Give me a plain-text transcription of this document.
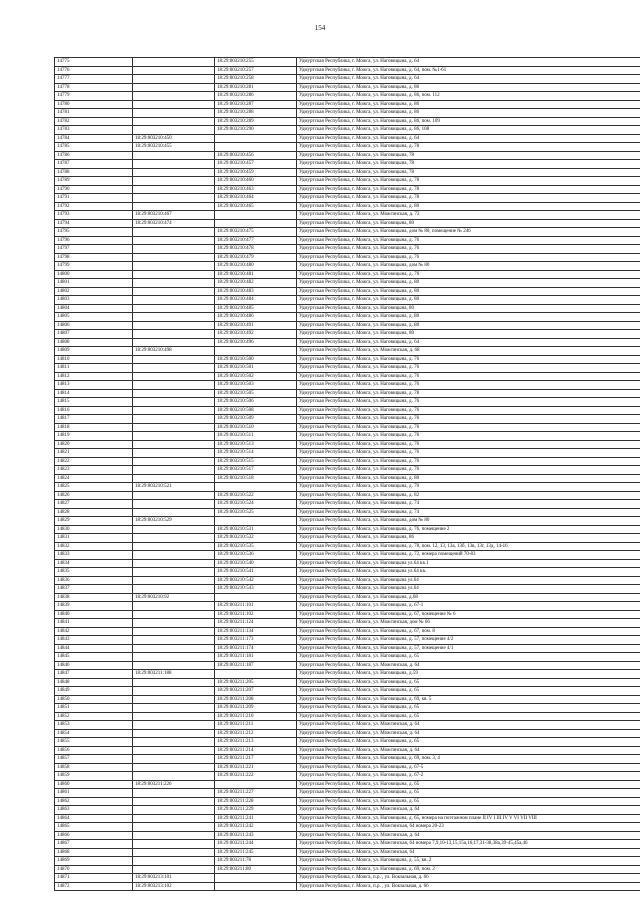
154
14775		18:29:003210:255	Удмуртская Республика, г. Можга, ул. Наговицына, д. 64
14776		18:29:003210:257	Удмуртская Республика, г. Можга, ул. Наговицына, д. 64, пом. №1-61
14777		18:29:003210:258	Удмуртская Республика, г. Можга, ул. Наговицына, д. 64
14778		18:29:003210:281	Удмуртская Республика, г. Можга, ул. Наговицына, д. 86
14779		18:29:003210:286	Удмуртская Республика, г. Можга, ул. Наговицына, д. 86, пом. 112
14780		18:29:003210:287	Удмуртская Республика, г. Можга, ул. Наговицына, д. 86
14781		18:29:003210:288	Удмуртская Республика, г. Можга, ул. Наговицына, д. 86
14782		18:29:003210:289	Удмуртская Республика, г. Можга, ул. Наговицына, д. 86, пом. 109
14783		18:29:003210:290	Удмуртская Республика, г. Можга, ул. Наговицына, д. 86, 108
14784	18:29:003210:450		Удмуртская Республика, г. Можга, ул. Наговицына, д. 64
14785	18:29:003210:455		Удмуртская Республика, г. Можга, ул. Наговицына, д. 78
14786		18:29:003210:456	Удмуртская Республика, г. Можга, ул. Наговицына, 78
14787		18:29:003210:457	Удмуртская Республика, г. Можга, ул. Наговицына, 78
14788		18:29:003210:459	Удмуртская Республика, г. Можга, ул. Наговицына, 78
14789		18:29:003210:460	Удмуртская Республика, г. Можга, ул. Наговицына, д. 78
14790		18:29:003210:463	Удмуртская Республика, г. Можга, ул. Наговицына, д. 78
14791		18:29:003210:464	Удмуртская Республика, г. Можга, ул. Наговицына, д. 78
14792		18:29:003210:465	Удмуртская Республика, г. Можга, ул. Наговицына, д. 80
14793	18:29:003210:467		Удмуртская Республика, г. Можга, ул. Можгинская, д. 72
14794	18:29:003210:474		Удмуртская Республика, г. Можга, ул. Наговицына, 80
14795		18:29:003210:475	Удмуртская Республика, г. Можга, ул. Наговицына, дом № 80, помещение № 246
14796		18:29:003210:477	Удмуртская Республика, г. Можга, ул. Наговицына, д. 76
14797		18:29:003210:478	Удмуртская Республика, г. Можга, ул. Наговицына, д. 76
14798		18:29:003210:479	Удмуртская Республика, г. Можга, ул. Наговицына, д. 76
14799		18:29:003210:480	Удмуртская Республика, г. Можга, ул. Наговицына, дом № 80
14800		18:29:003210:481	Удмуртская Республика, г. Можга, ул. Наговицына, д. 76
14801		18:29:003210:482	Удмуртская Республика, г. Можга, ул. Наговицына, д. 80
14802		18:29:003210:483	Удмуртская Республика, г. Можга, ул. Наговицына, д. 80
14803		18:29:003210:484	Удмуртская Республика, г. Можга, ул. Наговицына, д. 80
14804		18:29:003210:485	Удмуртская Республика, г. Можга, ул. Наговицына, 80
14805		18:29:003210:486	Удмуртская Республика, г. Можга, ул. Наговицына, д. 80
14806		18:29:003210:491	Удмуртская Республика, г. Можга, ул. Наговицына, д. 80
14807		18:29:003210:492	Удмуртская Республика, г. Можга, ул. Наговицына, 80
14808		18:29:003210:496	Удмуртская Республика, г. Можга, ул. Наговицына, д. 64
14809	18:29:003210:498		Удмуртская Республика, г. Можга, ул. Можгинская, д. 68
14810		18:29:003210:500	Удмуртская Республика, г. Можга, ул. Наговицына, д. 76
14811		18:29:003210:501	Удмуртская Республика, г. Можга, ул. Наговицына, д. 76
14812		18:29:003210:502	Удмуртская Республика, г. Можга, ул. Наговицына, д. 76
14813		18:29:003210:503	Удмуртская Республика, г. Можга, ул. Наговицына, д. 76
14814		18:29:003210:505	Удмуртская Республика, г. Можга, ул. Наговицына, д. 78
14815		18:29:003210:506	Удмуртская Республика, г. Можга, ул. Наговицына, д. 76
14816		18:29:003210:508	Удмуртская Республика, г. Можга, ул. Наговицына, д. 76
14817		18:29:003210:509	Удмуртская Республика, г. Можга, ул. Наговицына, д. 76
14818		18:29:003210:510	Удмуртская Республика, г. Можга, ул. Наговицына, д. 76
14819		18:29:003210:511	Удмуртская Республика, г. Можга, ул. Наговицына, д. 76
14820		18:29:003210:513	Удмуртская Республика, г. Можга, ул. Наговицына, д. 76
14821		18:29:003210:514	Удмуртская Республика, г. Можга, ул. Наговицына, д. 76
14822		18:29:003210:515	Удмуртская Республика, г. Можга, ул. Наговицына, д. 76
14823		18:29:003210:517	Удмуртская Республика, г. Можга, ул. Наговицына, д. 76
14824		18:29:003210:518	Удмуртская Республика, г. Можга, ул. Наговицына, д. 80
14825	18:29:003210:521		Удмуртская Республика, г. Можга, ул. Наговицына, д. 70
14826		18:29:003210:522	Удмуртская Республика, г. Можга, ул. Наговицына, д. 82
14827		18:29:003210:524	Удмуртская Республика, г. Можга, ул. Наговицына, д. 74
14828		18:29:003210:525	Удмуртская Республика, г. Можга, ул. Наговицына, д. 74
14829	18:29:003210:529		Удмуртская Республика, г. Можга, ул. Наговицына, дом № 80
14830		18:29:003210:531	Удмуртская Республика, г. Можга, ул. Наговицына, д. 76, помещение 2
14831		18:29:003210:532	Удмуртская Республика, г. Можга, ул. Наговицына, 86
14832		18:29:003210:535	Удмуртская Республика, г. Можга, ул. Наговицына, д. 78, пом. 12, 13, 13а, 13б, 13в, 13г, 13д, 14-16
14833		18:29:003210:536	Удмуртская Республика, г. Можга, ул. Наговицына, д. 72, номера помещений 70-83
14834		18:29:003210:540	Удмуртская Республика, г. Можга, ул. Наговицына ул.64 кв.1
14835		18:29:003210:541	Удмуртская Республика, г. Можга, ул. Наговицына ул.64 кв.
14836		18:29:003210:542	Удмуртская Республика, г. Можга, ул. Наговицына ул.64
14837		18:29:003210:543	Удмуртская Республика, г. Можга, ул. Наговицына ул.64
14838	18:29:003210:92		Удмуртская Республика, г. Можга, ул. Наговицына, д.68
14839		18:29:003211:101	Удмуртская Республика, г. Можга, ул. Наговицына, д. 67-1
14840		18:29:003211:102	Удмуртская Республика, г. Можга, ул. Наговицына, д. 67, помещение № 6
14841		18:29:003211:124	Удмуртская Республика, г. Можга, ул. Можгинская, дом № 66
14842		18:29:003211:134	Удмуртская Республика, г. Можга, ул. Наговицына, д. 67, пом. 8
14843		18:29:003211:173	Удмуртская Республика, г. Можга, ул. Наговицына, д. 57, помещение 4/2
14844		18:29:003211:174	Удмуртская Республика, г. Можга, ул. Наговицына, д. 57, помещение 4/1
14845		18:29:003211:181	Удмуртская Республика, г. Можга, ул. Наговицына, д. 65
14846		18:29:003211:187	Удмуртская Республика, г. Можга, ул. Можгинская, д. 64
14847	18:29:003211:188		Удмуртская Республика, г. Можга, ул. Наговицына, д.59
14848		18:29:003211:205	Удмуртская Республика, г. Можга, ул. Наговицына, д. 65
14849		18:29:003211:207	Удмуртская Республика, г. Можга, ул. Наговицына, д. 65
14850		18:29:003211:208	Удмуртская Республика, г. Можга, ул. Наговицына, д. 69, кв. 5
14851		18:29:003211:209	Удмуртская Республика, г. Можга, ул. Наговицына, д. 65
14852		18:29:003211:210	Удмуртская Республика, г. Можга, ул. Наговицына, д. 65
14853		18:29:003211:211	Удмуртская Республика, г. Можга, ул. Можгинская, д. 64
14854		18:29:003211:212	Удмуртская Республика, г. Можга, ул. Можгинская, д. 64
14855		18:29:003211:213	Удмуртская Республика, г. Можга, ул. Наговицына, д. 65
14856		18:29:003211:214	Удмуртская Республика, г. Можга, ул. Можгинская, д. 64
14857		18:29:003211:217	Удмуртская Республика, г. Можга, ул. Наговицына, д. 69, пом. 3, 4
14858		18:29:003211:221	Удмуртская Республика, г. Можга, ул. Наговицына, д. 67-5
14859		18:29:003211:222	Удмуртская Республика, г. Можга, ул. Наговицына, д. 67-2
14860	18:29:003211:226		Удмуртская Республика, г. Можга, ул. Наговицына, д. 65
14861		18:29:003211:227	Удмуртская Республика, г. Можга, ул. Наговицына, д. 65
14862		18:29:003211:228	Удмуртская Республика, г. Можга, ул. Наговицына, д. 65
14863		18:29:003211:229	Удмуртская Республика, г. Можга, ул. Можгинская, д. 64
14864		18:29:003211:241	Удмуртская Республика, г. Можга, ул. Наговицына, д. 65, номера на поэтажном плане II IV I III IV V VI VII VIII
14865		18:29:003211:242	Удмуртская Республика, г. Можга, ул. Можгинская, 64 номера 20-23
14866		18:29:003211:243	Удмуртская Республика, г. Можга, ул. Можгинская, д. 64
14867		18:29:003211:244	Удмуртская Республика, г. Можга, ул. Можгинская, 64 номера 7,9,10-13,15,15а,16,17,31-38,38а,39-45,45а,46
14868		18:29:003211:245	Удмуртская Республика, г. Можга, ул. Можгинская, 64
14869		18:29:003211:78	Удмуртская Республика, г. Можга, ул. Наговицына, д. 55, кв. 2
14870		18:29:003211:80	Удмуртская Республика, г. Можга, ул. Наговицына, д. 69, пом. 2
14871	18:29:003213:101		Удмуртская Республика, г. Можга, п.р. , ул. Вокзальная, д. 66
14872	18:29:003213:102		Удмуртская Республика, г. Можга, п.р. , ул. Вокзальная, д. 66
